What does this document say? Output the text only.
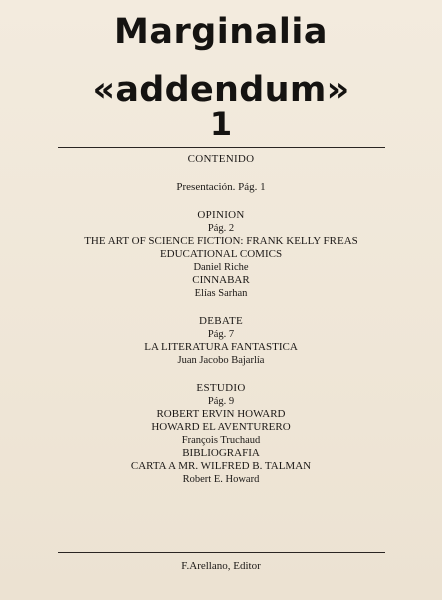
Marginalia
«addendum»
1
CONTENIDO
Presentación. Pág. 1
OPINION
Pág. 2
THE ART OF SCIENCE FICTION: FRANK KELLY FREAS
EDUCATIONAL COMICS
Daniel Riche
CINNABAR
Elías Sarhan
DEBATE
Pág. 7
LA LITERATURA FANTASTICA
Juan Jacobo Bajarlía
ESTUDIO
Pág. 9
ROBERT ERVIN HOWARD
HOWARD EL AVENTURERO
François Truchaud
BIBLIOGRAFIA
CARTA A MR. WILFRED B. TALMAN
Robert E. Howard
F.Arellano, Editor
